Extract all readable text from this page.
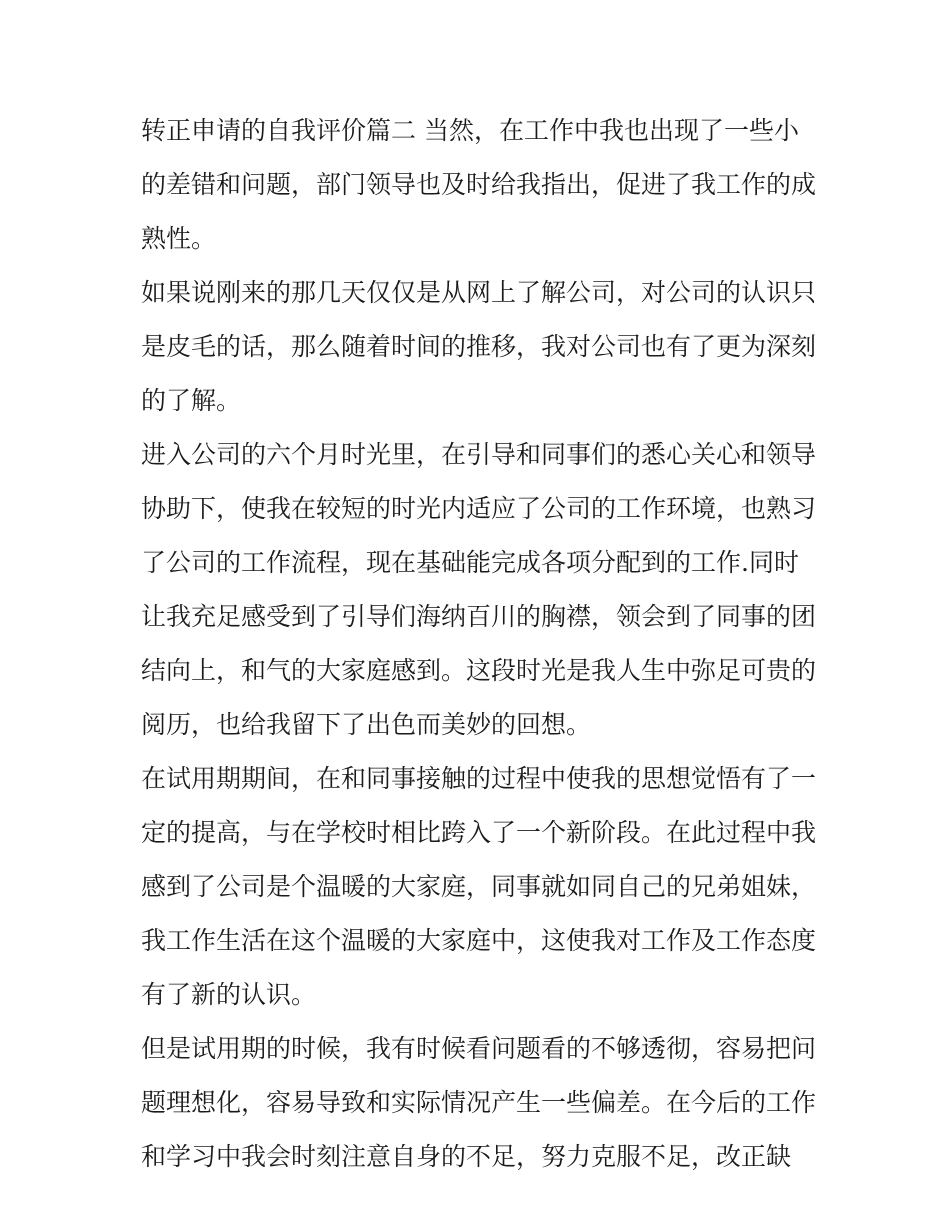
转正申请的自我评价篇二 当然，在工作中我也出现了一些小
的差错和问题，部门领导也及时给我指出，促进了我工作的成
熟性。
如果说刚来的那几天仅仅是从网上了解公司，对公司的认识只
是皮毛的话，那么随着时间的推移，我对公司也有了更为深刻
的了解。
进入公司的六个月时光里，在引导和同事们的悉心关心和领导
协助下，使我在较短的时光内适应了公司的工作环境，也熟习
了公司的工作流程，现在基础能完成各项分配到的工作.同时
让我充足感受到了引导们海纳百川的胸襟，领会到了同事的团
结向上，和气的大家庭感到。这段时光是我人生中弥足可贵的
阅历，也给我留下了出色而美妙的回想。
在试用期期间，在和同事接触的过程中使我的思想觉悟有了一
定的提高，与在学校时相比跨入了一个新阶段。在此过程中我
感到了公司是个温暖的大家庭，同事就如同自己的兄弟姐妹，
我工作生活在这个温暖的大家庭中，这使我对工作及工作态度
有了新的认识。
但是试用期的时候，我有时候看问题看的不够透彻，容易把问
题理想化，容易导致和实际情况产生一些偏差。在今后的工作
和学习中我会时刻注意自身的不足，努力克服不足，改正缺
